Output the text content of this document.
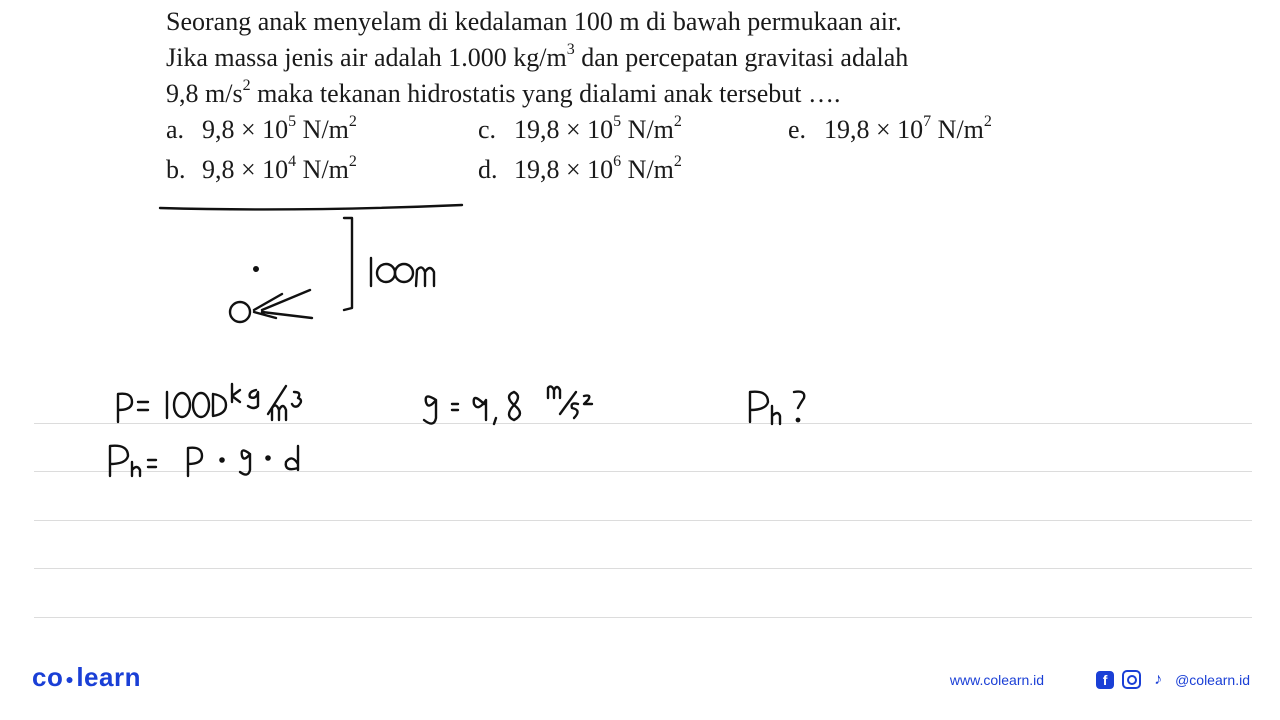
Seorang anak menyelam di kedalaman 100 m di bawah permukaan air.

Jika massa jenis air adalah 1.000 $kg/m^3$ dan percepatan gravitasi adalah

9,8 $m/s^2$ maka tekanan hidrostatis yang dialami anak tersebut ….

a. $9,8 \times 10^5$ $N/m^2$
b. $9,8 \times 10^4$ $N/m^2$
c. $19,8 \times 10^5$ $N/m^2$
d. $19,8 \times 10^6$ $N/m^2$
e. $19,8 \times 10^7$ $N/m^2$
co ●learn	www.colearn.id	f	♪ @colearn.id
